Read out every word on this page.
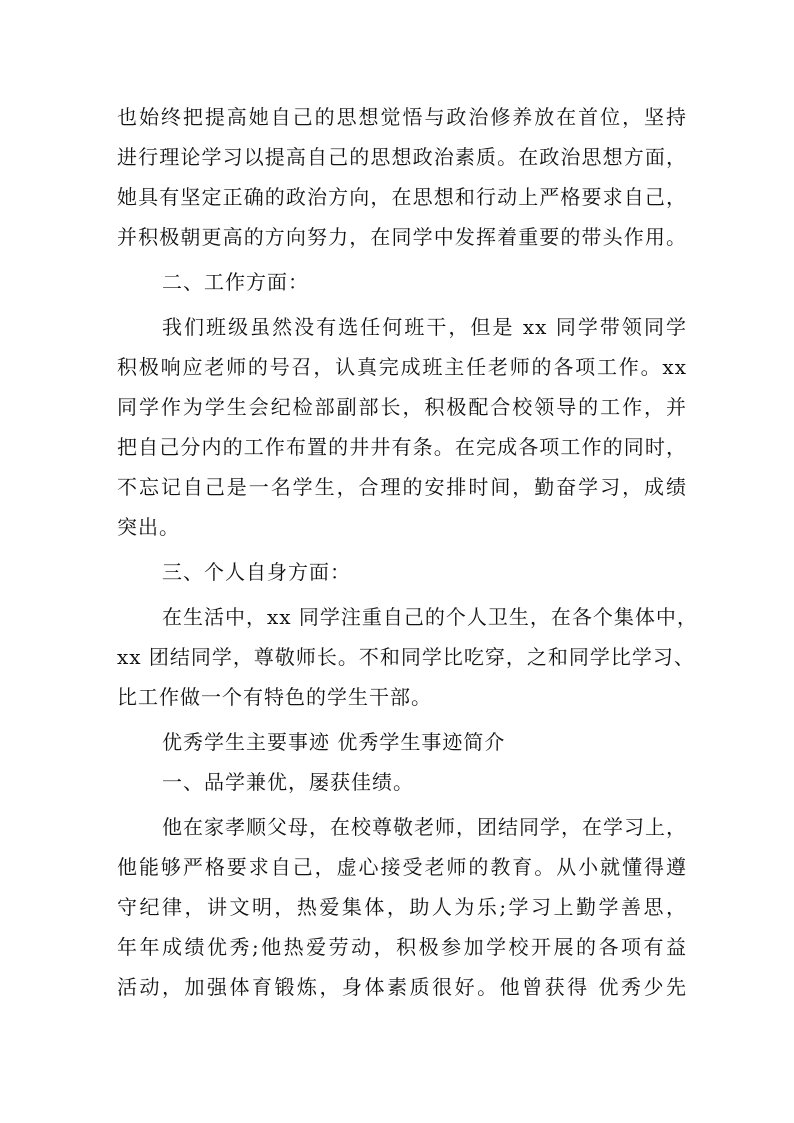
也始终把提高她自己的思想觉悟与政治修养放在首位，坚持
进行理论学习以提高自己的思想政治素质。在政治思想方面，
她具有坚定正确的政治方向，在思想和行动上严格要求自己，
并积极朝更高的方向努力，在同学中发挥着重要的带头作用。
二、工作方面：
我们班级虽然没有选任何班干，但是 xx 同学带领同学
积极响应老师的号召，认真完成班主任老师的各项工作。xx
同学作为学生会纪检部副部长，积极配合校领导的工作，并
把自己分内的工作布置的井井有条。在完成各项工作的同时，
不忘记自己是一名学生，合理的安排时间，勤奋学习，成绩
突出。
三、个人自身方面：
在生活中，xx 同学注重自己的个人卫生，在各个集体中，
xx 团结同学，尊敬师长。不和同学比吃穿，之和同学比学习、
比工作做一个有特色的学生干部。
优秀学生主要事迹 优秀学生事迹简介
一、品学兼优，屡获佳绩。
他在家孝顺父母，在校尊敬老师，团结同学，在学习上，
他能够严格要求自己，虚心接受老师的教育。从小就懂得遵
守纪律，讲文明，热爱集体，助人为乐;学习上勤学善思，
年年成绩优秀;他热爱劳动，积极参加学校开展的各项有益
活动，加强体育锻炼，身体素质很好。他曾获得 优秀少先
